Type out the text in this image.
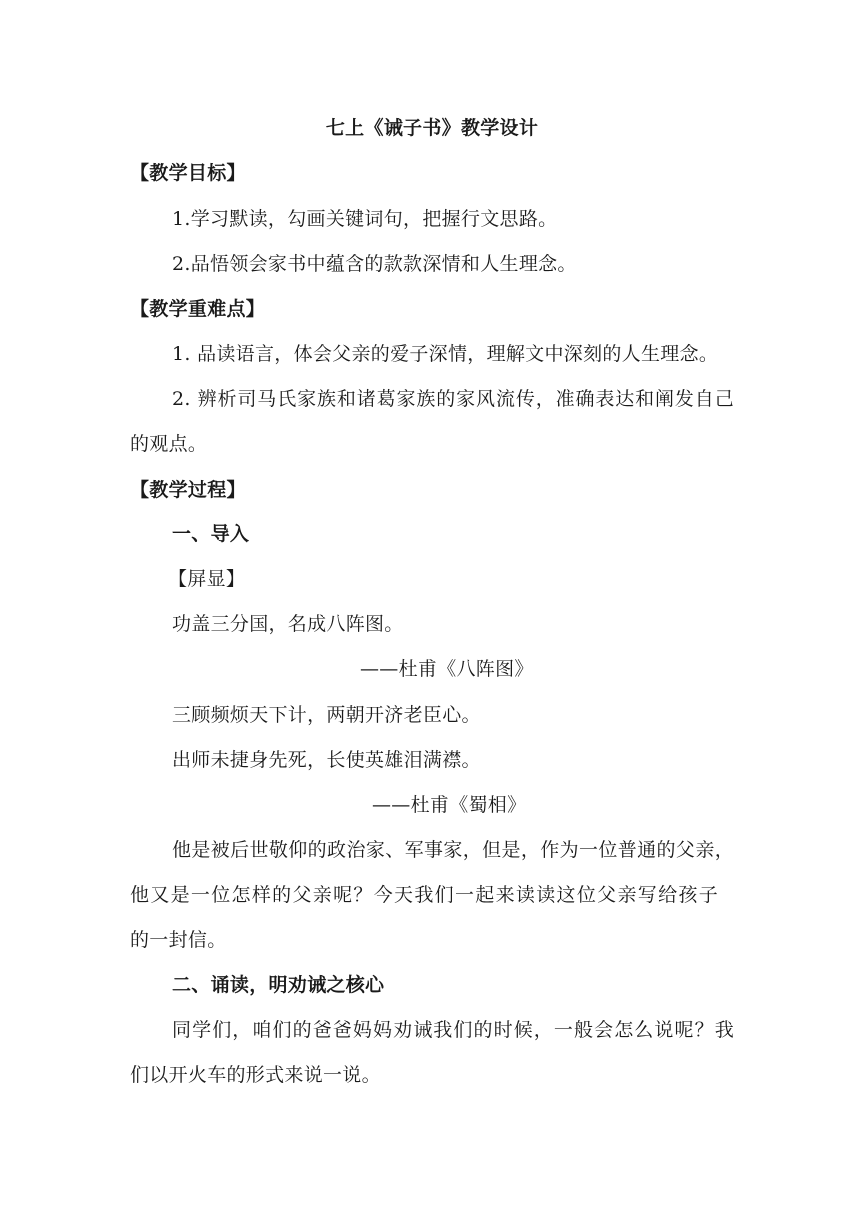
七上《诫子书》教学设计
【教学目标】
1.学习默读，勾画关键词句，把握行文思路。
2.品悟领会家书中蕴含的款款深情和人生理念。
【教学重难点】
1. 品读语言，体会父亲的爱子深情，理解文中深刻的人生理念。
2. 辨析司马氏家族和诸葛家族的家风流传，准确表达和阐发自己
的观点。
【教学过程】
一、导入
【屏显】
功盖三分国，名成八阵图。
——杜甫《八阵图》
三顾频烦天下计，两朝开济老臣心。
出师未捷身先死，长使英雄泪满襟。
——杜甫《蜀相》
他是被后世敬仰的政治家、军事家，但是，作为一位普通的父亲，
他又是一位怎样的父亲呢？今天我们一起来读读这位父亲写给孩子
的一封信。
二、诵读，明劝诫之核心
同学们，咱们的爸爸妈妈劝诫我们的时候，一般会怎么说呢？我
们以开火车的形式来说一说。
